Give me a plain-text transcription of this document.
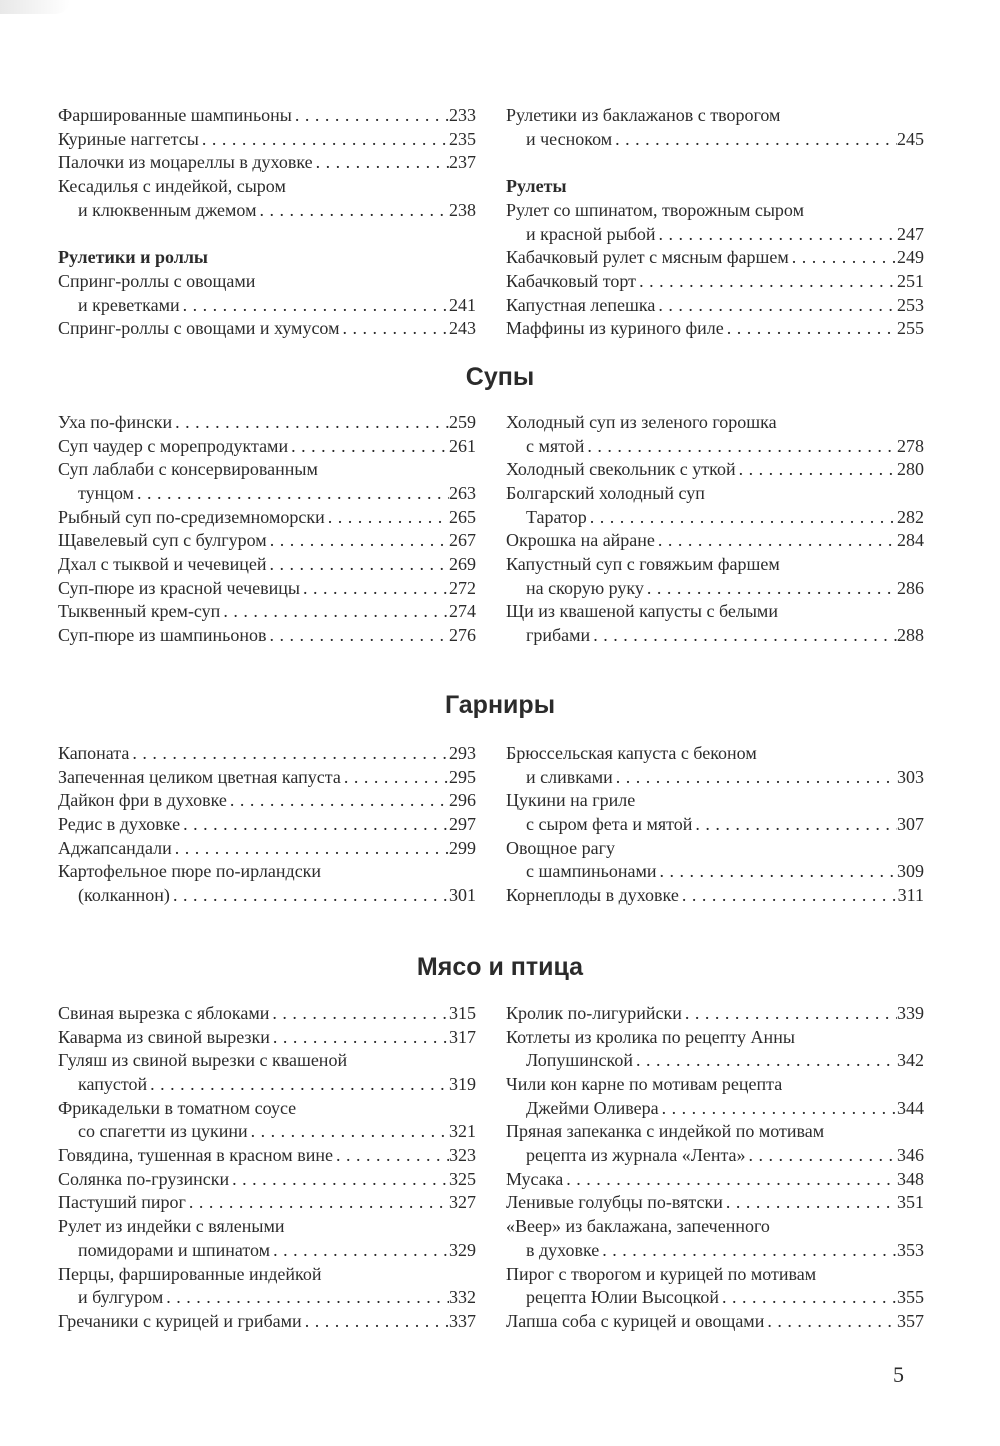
Фаршированные шампиньоны . . .	233
Куриные наггетсы . . .	235
Палочки из моцареллы в духовке . . .	237
Кесадилья с индейкой, сыром
и клюквенным джемом . . .	238
Рулетики и роллы
Спринг-роллы с овощами
и креветками . . .	241
Спринг-роллы с овощами и хумусом . . .	243
Рулетики из баклажанов с творогом
и чесноком . . .	245
Рулеты
Рулет со шпинатом, творожным сыром
и красной рыбой . . .	247
Кабачковый рулет с мясным фаршем . . .	249
Кабачковый торт . . .	251
Капустная лепешка . . .	253
Маффины из куриного филе . . .	255
Супы
Уха по-фински . . .	259
Суп чаудер с морепродуктами . . .	261
Суп лаблаби с консервированным
тунцом . . .	263
Рыбный суп по-средиземноморски . . .	265
Щавелевый суп с булгуром . . .	267
Дхал с тыквой и чечевицей . . .	269
Суп-пюре из красной чечевицы . . .	272
Тыквенный крем-суп . . .	274
Суп-пюре из шампиньонов . . .	276
Холодный суп из зеленого горошка
с мятой . . .	278
Холодный свекольник с уткой . . .	280
Болгарский холодный суп
Таратор . . .	282
Окрошка на айране . . .	284
Капустный суп с говяжьим фаршем
на скорую руку . . .	286
Щи из квашеной капусты с белыми
грибами . . .	288
Гарниры
Капоната . . .	293
Запеченная целиком цветная капуста . . .	295
Дайкон фри в духовке . . .	296
Редис в духовке . . .	297
Аджапсандали . . .	299
Картофельное пюре по-ирландски
(колканнон) . . .	301
Брюссельская капуста с беконом
и сливками . . .	303
Цукини на гриле
с сыром фета и мятой . . .	307
Овощное рагу
с шампиньонами . . .	309
Корнеплоды в духовке . . .	311
Мясо и птица
Свиная вырезка с яблоками . . .	315
Каварма из свиной вырезки . . .	317
Гуляш из свиной вырезки с квашеной
капустой . . .	319
Фрикадельки в томатном соусе
со спагетти из цукини . . .	321
Говядина, тушенная в красном вине . . .	323
Солянка по-грузински . . .	325
Пастуший пирог . . .	327
Рулет из индейки с вялеными
помидорами и шпинатом . . .	329
Перцы, фаршированные индейкой
и булгуром . . .	332
Гречаники с курицей и грибами . . .	337
Кролик по-лигурийски . . .	339
Котлеты из кролика по рецепту Анны
Лопушинской . . .	342
Чили кон карне по мотивам рецепта
Джейми Оливера . . .	344
Пряная запеканка с индейкой по мотивам
рецепта из журнала «Лента» . . .	346
Мусака . . .	348
Ленивые голубцы по-вятски . . .	351
«Веер» из баклажана, запеченного
в духовке . . .	353
Пирог с творогом и курицей по мотивам
рецепта Юлии Высоцкой . . .	355
Лапша соба с курицей и овощами . . .	357
5
